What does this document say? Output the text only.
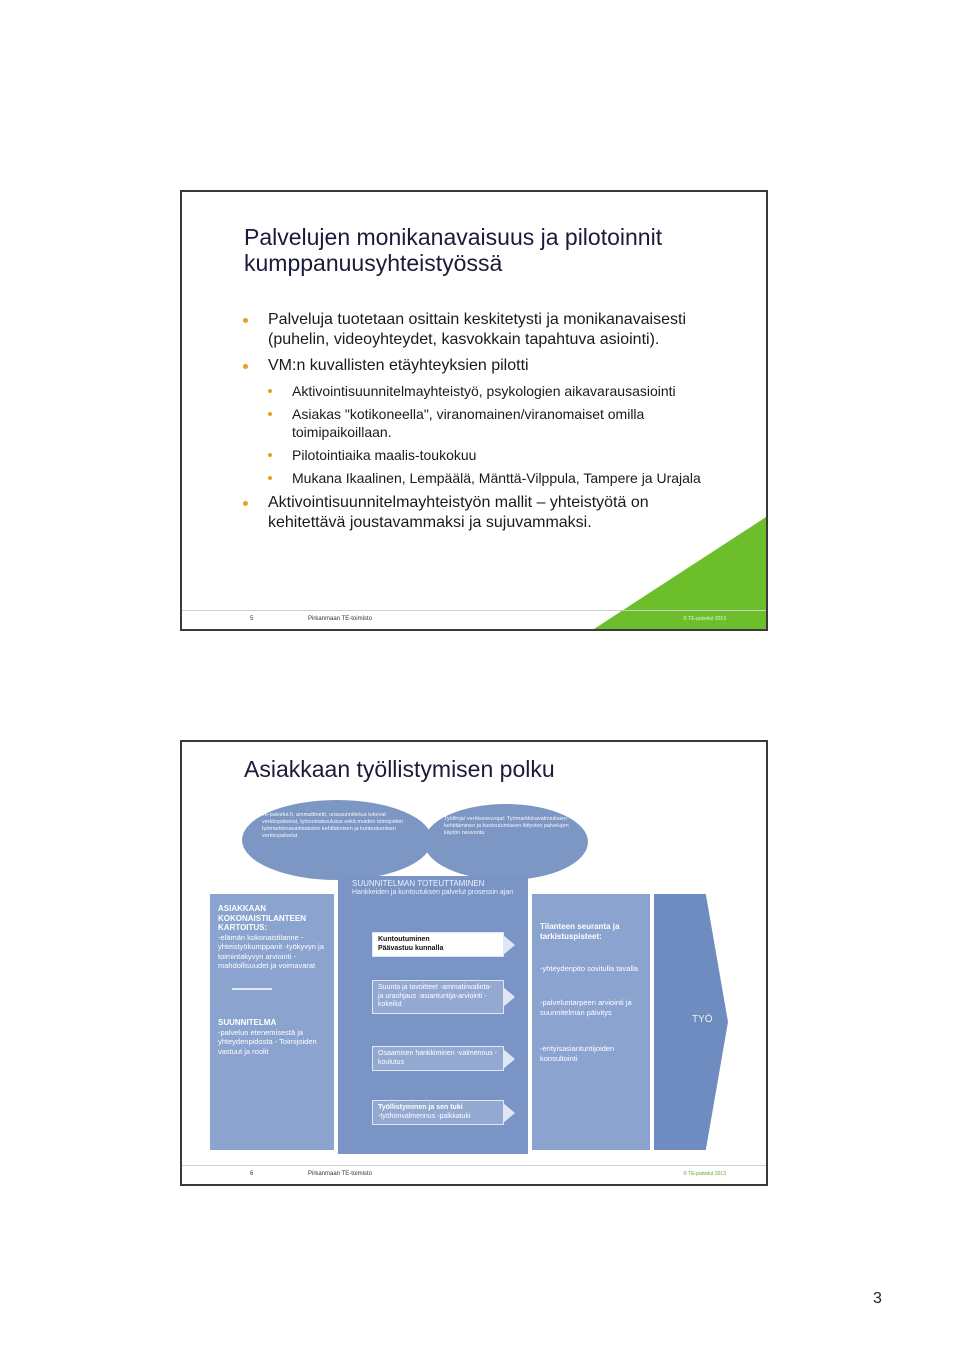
Palvelujen monikanavaisuus ja pilotoinnit kumppanuusyhteistyössä
Palveluja tuotetaan osittain keskitetysti ja monikanavaisesti (puhelin, videoyhteydet, kasvokkain tapahtuva asiointi).
VM:n kuvallisten etäyhteyksien pilotti
Aktivointisuunnitelmayhteistyö, psykologien aikavarausasiointi
Asiakas "kotikoneella", viranomainen/viranomaiset omilla toimipaikoillaan.
Pilotointiaika maalis-toukokuu
Mukana Ikaalinen, Lempäälä, Mänttä-Vilppula, Tampere ja Urajala
Aktivointisuunnitelmayhteistyön mallit – yhteistyötä on kehitettävä joustavammaksi ja sujuvammaksi.
5	Pirkanmaan TE-toimisto	© TE-palvelut 2013
Asiakkaan työllistymisen polku
Te-palvelut.fi, ammattinetti, urasuunnittelua tukevat verkkopalvelut, työvoimakoulutus sekä muiden toimijoiden työmarkkinavalmiuksien kehittämisen ja kuntoutumisen verkkopalvelut
Työllinja/ verkkoneuvojat: Työmarkkinavalmiuksien kehittäminen ja kuntoutumiseen liittyvien palvelujen käytön neuvonta
ASIAKKAAN KOKONAISTILANTEEN KARTOITUS:
-elämän kokonaistilanne -yhteistyökumppanit -työkyvyn ja toimintakyvyn arviointi -mahdollisuudet ja voimavarat
SUUNNITELMA
-palvelun etenemisestä ja yhteydenpidosta - Toimijoiden vastuut ja roolit
SUUNNITELMAN TOTEUTTAMINEN
Hankkeiden ja kuntoutuksen palvelut prosessin ajan
Kuntoutuminen
Päävastuu kunnalla
Suunta ja tavoitteet -ammatinvalinta- ja uraohjaus -asiantuntija-arviointi -kokeilut
Osaamisen hankkiminen -valmennus -koulutus
Työllistyminen ja sen tuki
-työhönvalmennus -palkkatuki
Tilanteen seuranta ja tarkistuspisteet:
-yhteydenpito sovitulla tavalla
-palveluntarpeen arviointi ja suunnitelman päivitys
-erityisasiantuntijoiden konsultointi
TYÖ
6	Pirkanmaan TE-toimisto	© TE-palvelut 2013
3
